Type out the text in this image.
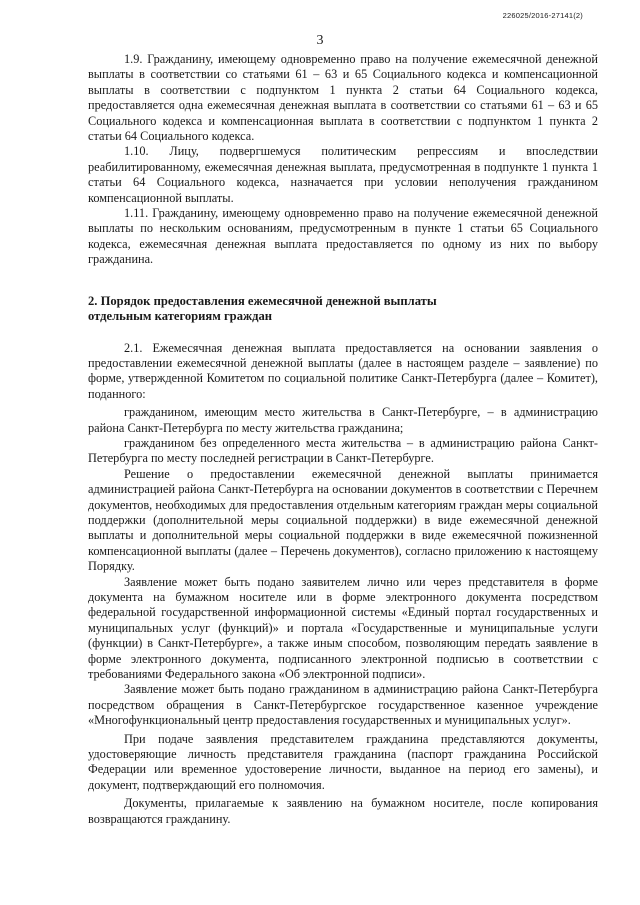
226025/2016-27141(2)
3

1.9. Гражданину, имеющему одновременно право на получение ежемесячной денежной выплаты в соответствии со статьями 61 – 63 и 65 Социального кодекса и компенсационной выплаты в соответствии с подпунктом 1 пункта 2 статьи 64 Социального кодекса, предоставляется одна ежемесячная денежная выплата в соответствии со статьями 61 – 63 и 65 Социального кодекса и компенсационная выплата в соответствии с подпунктом 1 пункта 2 статьи 64 Социального кодекса.

1.10. Лицу, подвергшемуся политическим репрессиям и впоследствии реабилитированному, ежемесячная денежная выплата, предусмотренная в подпункте 1 пункта 1 статьи 64 Социального кодекса, назначается при условии неполучения гражданином компенсационной выплаты.

1.11. Гражданину, имеющему одновременно право на получение ежемесячной денежной выплаты по нескольким основаниям, предусмотренным в пункте 1 статьи 65 Социального кодекса, ежемесячная денежная выплата предоставляется по одному из них по выбору гражданина.

2. Порядок предоставления ежемесячной денежной выплаты
отдельным категориям граждан

2.1. Ежемесячная денежная выплата предоставляется на основании заявления о предоставлении ежемесячной денежной выплаты (далее в настоящем разделе – заявление) по форме, утвержденной Комитетом по социальной политике Санкт-Петербурга (далее – Комитет), поданного:

гражданином, имеющим место жительства в Санкт-Петербурге, – в администрацию района Санкт-Петербурга по месту жительства гражданина;

гражданином без определенного места жительства – в администрацию района Санкт-Петербурга по месту последней регистрации в Санкт-Петербурге.

Решение о предоставлении ежемесячной денежной выплаты принимается администрацией района Санкт-Петербурга на основании документов в соответствии с Перечнем документов, необходимых для предоставления отдельным категориям граждан меры социальной поддержки (дополнительной меры социальной поддержки) в виде ежемесячной денежной выплаты и дополнительной меры социальной поддержки в виде ежемесячной пожизненной компенсационной выплаты (далее – Перечень документов), согласно приложению к настоящему Порядку.

Заявление может быть подано заявителем лично или через представителя в форме документа на бумажном носителе или в форме электронного документа посредством федеральной государственной информационной системы «Единый портал государственных и муниципальных услуг (функций)» и портала «Государственные и муниципальные услуги (функции) в Санкт-Петербурге», а также иным способом, позволяющим передать заявление в форме электронного документа, подписанного электронной подписью в соответствии с требованиями Федерального закона «Об электронной подписи».

Заявление может быть подано гражданином в администрацию района Санкт-Петербурга посредством обращения в Санкт-Петербургское государственное казенное учреждение «Многофункциональный центр предоставления государственных и муниципальных услуг».

При подаче заявления представителем гражданина представляются документы, удостоверяющие личность представителя гражданина (паспорт гражданина Российской Федерации или временное удостоверение личности, выданное на период его замены), и документ, подтверждающий его полномочия.

Документы, прилагаемые к заявлению на бумажном носителе, после копирования возвращаются гражданину.
